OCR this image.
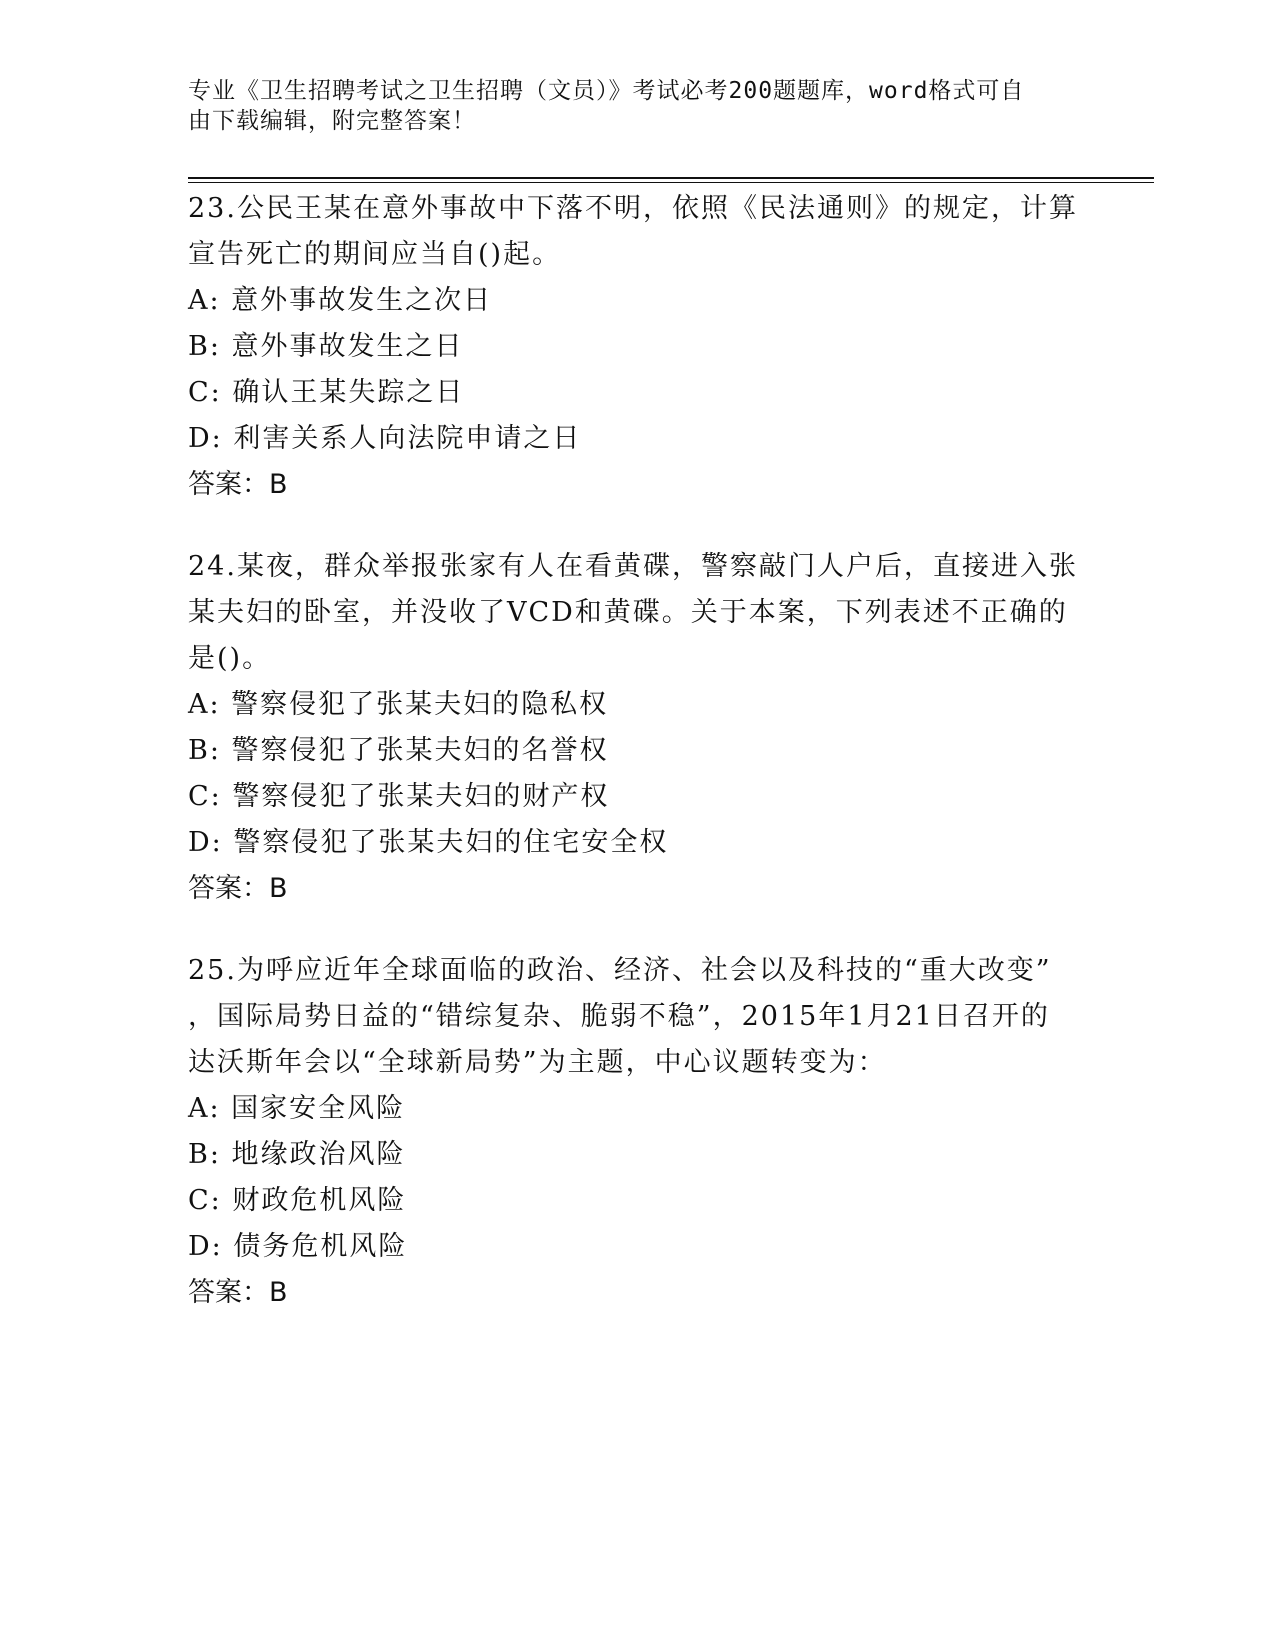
专业《卫生招聘考试之卫生招聘（文员）》考试必考200题题库，word格式可自
由下载编辑，附完整答案！
23.公民王某在意外事故中下落不明，依照《民法通则》的规定，计算
宣告死亡的期间应当自()起。
A: 意外事故发生之次日
B: 意外事故发生之日
C: 确认王某失踪之日
D: 利害关系人向法院申请之日
答案：B
24.某夜，群众举报张家有人在看黄碟，警察敲门人户后，直接进入张
某夫妇的卧室，并没收了VCD和黄碟。关于本案，下列表述不正确的
是()。
A: 警察侵犯了张某夫妇的隐私权
B: 警察侵犯了张某夫妇的名誉权
C: 警察侵犯了张某夫妇的财产权
D: 警察侵犯了张某夫妇的住宅安全权
答案：B
25.为呼应近年全球面临的政治、经济、社会以及科技的“重大改变”
，国际局势日益的“错综复杂、脆弱不稳”，2015年1月21日召开的
达沃斯年会以“全球新局势”为主题，中心议题转变为：
A: 国家安全风险
B: 地缘政治风险
C: 财政危机风险
D: 债务危机风险
答案：B
